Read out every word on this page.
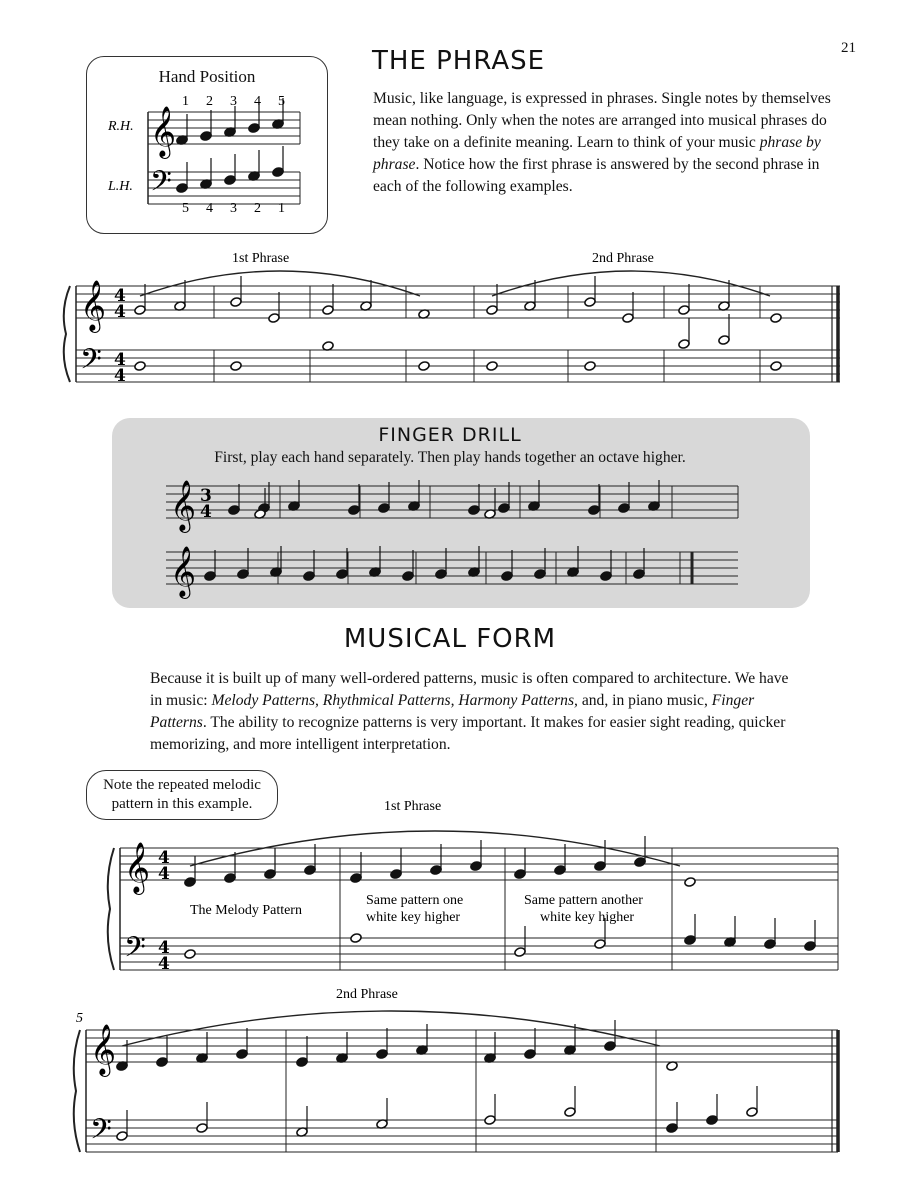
21
Hand Position
THE PHRASE
Music, like language, is expressed in phrases. Single notes by themselves mean nothing. Only when the notes are arranged into musical phrases do they take on a definite meaning. Learn to think of your music phrase by phrase. Notice how the first phrase is answered by the second phrase in each of the following examples.
FINGER DRILL
First, play each hand separately. Then play hands together an octave higher.
MUSICAL FORM
Because it is built up of many well-ordered patterns, music is often compared to architecture. We have in music: Melody Patterns, Rhythmical Patterns, Harmony Patterns, and, in piano music, Finger Patterns. The ability to recognize patterns is very important. It makes for easier sight reading, quicker memorizing, and more intelligent interpretation.
Note the repeated melodic
pattern in this example.
𝄞
𝄢
𝄞
𝄢
4
4
4
4
𝄞
𝄞
3
4
𝄞
𝄢
4
4
4
4
𝄞
𝄢
R.H.
L.H.
1st Phrase	2nd Phrase
1st Phrase
2nd Phrase
The Melody Pattern
Same pattern one
white key higher
Same pattern another
white key higher
5
1 2 3 4 5
5 4 3 2 1
